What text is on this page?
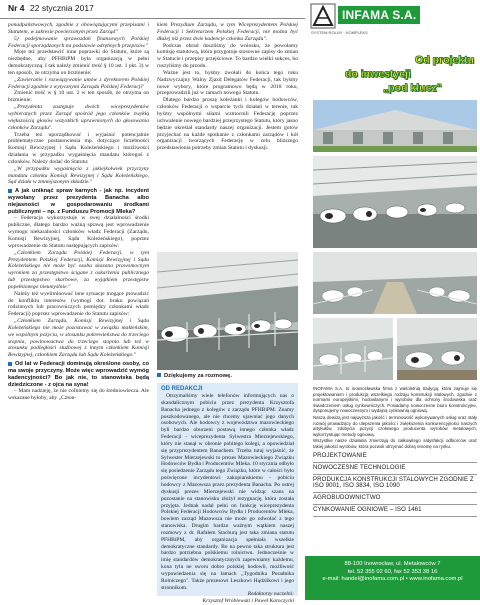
Nr 4 22 stycznia 2017

ponadpaństwowych, zgodnie z obowiązującymi przepisami i Statutem, w zakresie powierzonym przez Zarząd"

5) podejmowanie sprawozdań finansowych Polskiej Federacji sporządzanych na podstawie odrębnych przepisów."

Moje też przedstawić inne poprawki do Statutu, które są niezbędne, aby PFHBiPM była organizacją w pełni demokratyczną. I tak należy zmienić treść § 10 ust. 1 pkt. 3) w ten sposób, że otrzyma on brzmienie:

„Zawieranie i rozwiązywanie umów z dyrektorem Polskiej Federacji zgodnie z wytycznymi Zarządu Polskiej Federacji"

Zmienić treść w § 10 ust. 2 w ten sposób, że otrzyma on brzmienie:

„Prezydenta zastępuje dwóch wiceprezydentów wybieranych przez Zarząd spośród jego członków zwykłą większością głosów wszystkich uprawnionych do głosowania członków Zarządu".

Trzeba też uporządkować i wyjaśnić potencjalnie problematyczne postanowienia mp. dotyczące liczebności Komisji Rewizyjnej i Sądu Koleżeńskiego i możliwości działania w przypadku wygaśnięcia mandatu któregoś z członków. Należy dodać do Statutu:

„W przypadku wygaśnięcia z jakiejkolwiek przyczyny mandatu członka Komisji Rewizyjnej i Sądu Koleżeńskiego, Sąd działa w zmniejszonym składzie."

A jak uniknąć spraw karnych - jak np. incydent wywołany przez prezydenta Banacha albo niejasności w gospodarowaniu środkami publicznymi – np. z Funduszu Promocji Mleka?

– Federacja wykorzystuje w swej działalności środki publiczne, dlatego bardzo ważną sprawą jest wprowadzenie wymogu niekaralności członków władz Federacji (Zarządu, Komisji Rewizyjnej, Sądu Koleżeńskiego), poprzez wprowadzenie do Statutu następujących zapisów:

„Członkiem Zarządu Polskiej Federacji, w tym Prezydentem Polskiej Federacji, Komisji Rewizyjnej i Sądu Koleżeńskiego nie może być osoba skazana prawomocnym wyrokiem za przestępstwo ścigane z oskarżenia publicznego lub przestępstwo skarbowe, za wyjątkiem przestępstw popełnionego nieumyślnie."

Należy też wyeliminować inne sytuacje mogące prowadzić do konfliktu interesów (wymogi dot. braku powiązań rodzinnych lub pracowniczych pomiędzy członkami władz Federacji) poprzez wprowadzenie do Statutu zapisów:

„Członkiem Zarządu, Komisji Rewizyjnej i Sądu Koleżeńskiego nie może pozostawać w związku małżeńskim, we wspólnym pożyciu, w stosunku pokrewieństwa do trzeciego stopnia, powinowactwa do trzeciego stopnia lub też w stosunku podległości służbowej z innym członkiem Komisji Rewizyjnej, członkiem Zarządu lub Sądu Koleżeńskiego."

Od lat w Federacji dominują określone osoby, co ma swoje przyczyny. Może więc wprowadzić wymóg kadencyjności? Bo jak nie, to stanowiska będą dziedziczone - z ojca na syna!

– Mam nadzieję, że nie cofniemy się do średniowiecza. Ale wskazane byłoby, aby „Człon-

kiem Prezydium Zarządu, w tym Wiceprezydentem Polskiej Federacji i Sekretarzem Polskiej Federacji, nie można być dłużej niż przez dwie kadencje członka Zarządu".

Podczas obrad doszliśmy do wniosku, że powołamy komisję statutową, która przygotuje stosowne zapisy do zmian w Statucie i przepisy przejściowe. To bardzo wielki sukces, bo ruszyliśmy do przodu.

Ważne jest to, byśmy zwołali do końca tego roku Nadzwyczajny Walny Zjazd Delegatów Federacji, tak byśmy nowe wybory, które programowo będą w 2018 roku, przeprowadzili już w ramach nowego Statutu.

Dlatego bardzo proszę koleżanki i kolegów hodowców, członków Federacji o wsparcie tych działań w terenie, tak byśmy wspólnymi siłami wzmocnili Federację poprzez uchwalenie nowego bardziej przejrzystego Statutu, który jasno będzie określał standardy naszej organizacji. Jestem gotów przyjechać na każde spotkanie z członkami zarządów i kół organizacji tworzących Federację w celu bliższego przedstawienia potrzeby zmian Statutu i dyskusji.

Dziękujemy za rozmowę.
OD REDAKCJI

Otrzymaliśmy wiele telefonów informujących nas o skandalicznym pobiciu przez prezydenta Krzysztofa Banacha jednego z kolegów z zarządu PFHBiPM. Znamy poszkodowanego, ale nie chcemy ujawniać jego danych osobowych. Ale hodowcy z województwa mazowieckiego byli bardzo oburzeni postawą innego członka władz Federacji - wiceprezydenta Sylwestra Mierzejewskiego, który nie stanął w obronie pobitego kolegi, a opowiedział się przyprezydentem Banachem. Trzeba tutaj wyjaśnić, że Sylwester Mierzejewski to prezes Mazowieckiego Związku Hodowców Bydła i Producentów Mleka. 10 stycznia odbyło się posiedzenie Zarządu tego Związku, które w całości było poświęcone incydentowi zakopiańskiemu - pobiciu hodowcy z Mazowsza przez prezydenta Banacha. Po ostrej dyskusji prezes Mierzejewski nie widząc szans na pozostanie na stanowisku złożył rezygnację, która została przyjęta. Jednak nadal pełni on funkcję wiceprezydenta Polskiej Federacji Hodowców Bydła i Producentów Mleka, bowiem zarząd Mazowsza nie może go odwołać z tego stanowiska. Drugim bardzo ważnym wątkiem naszej rozmowy z dr. Rafałem Stachurą jest taka zmiana statutu PFHBiPM, aby organizacja spełniała wszelkie demokratyczne standardy. Bo na pewno taka struktura jest bardzo potrzebna polskiemu rolnictwu. Jednocześnie w imię standardów demokratycznych zapewniamy każdemu, kona tylu ne sworu dobro polskiej hodowli, możliwość wypowiedzenia się na łamach „Tygodnika Poradnika Rolniczego". Także prezesowi Leszkowi Hądzlikowi i jego stronnikom.

Redaktorzy naczelni:
Krzysztof Wróblewski i Paweł Karoczycki
INFAMA S.A.
SYSTEM ROLNY · KOMPLEKS
Od projektu
do inwestycji
„pod klucz"

INOFAMA S.A. to inowrocławska firma z wieloletnią tradycją, która zajmuje się projektowaniem i produkcją wszelkiego rodzaju konstrukcji stalowych, zgodnie z normami europejskimi, hodowlanymi i wyrobów dla ochrony środowiska oraz świadczeniem usług cynkowniczych. Posiadamy nowoczesne biuro konstrukcyjne, dysponujemy nowoczesnym i wydajną cynkownią ogniową.

Naszą dewizą jest najwyższa jakość i terminowość wykonywanych usług oraz stały rozwój prowadzący do ulepszenia jakości i zwiększenia konkurencyjności naszych artykułów, zdobycia pozycji czołowego producenta wyrobów metalowych, wykorzystując metody ogniową.

Wszystkie nasze działania zmierzają do całkowitego satysfakcji odbiorców oraz takiej jakości wyrobów, która pozwoli utrzymać dobrą renomę na rynku.

PROJEKTOWANIE
NOWOCZESNE TECHNOLOGIE
PRODUKCJA KONSTRUKCJI STALOWYCH ZGODNIE Z ISO 9001, ISO 3834, ISO 1090
AGROBUDOWNICTWO
CYNKOWANIE OGNIOWE – ISO 1461
88-100 Inowrocław, ul. Metalowców 7
tel. 52 355 02 60, fax 52 353 38 16
e-mail: handel@inofama.com.pl • www.inofama.com.pl
